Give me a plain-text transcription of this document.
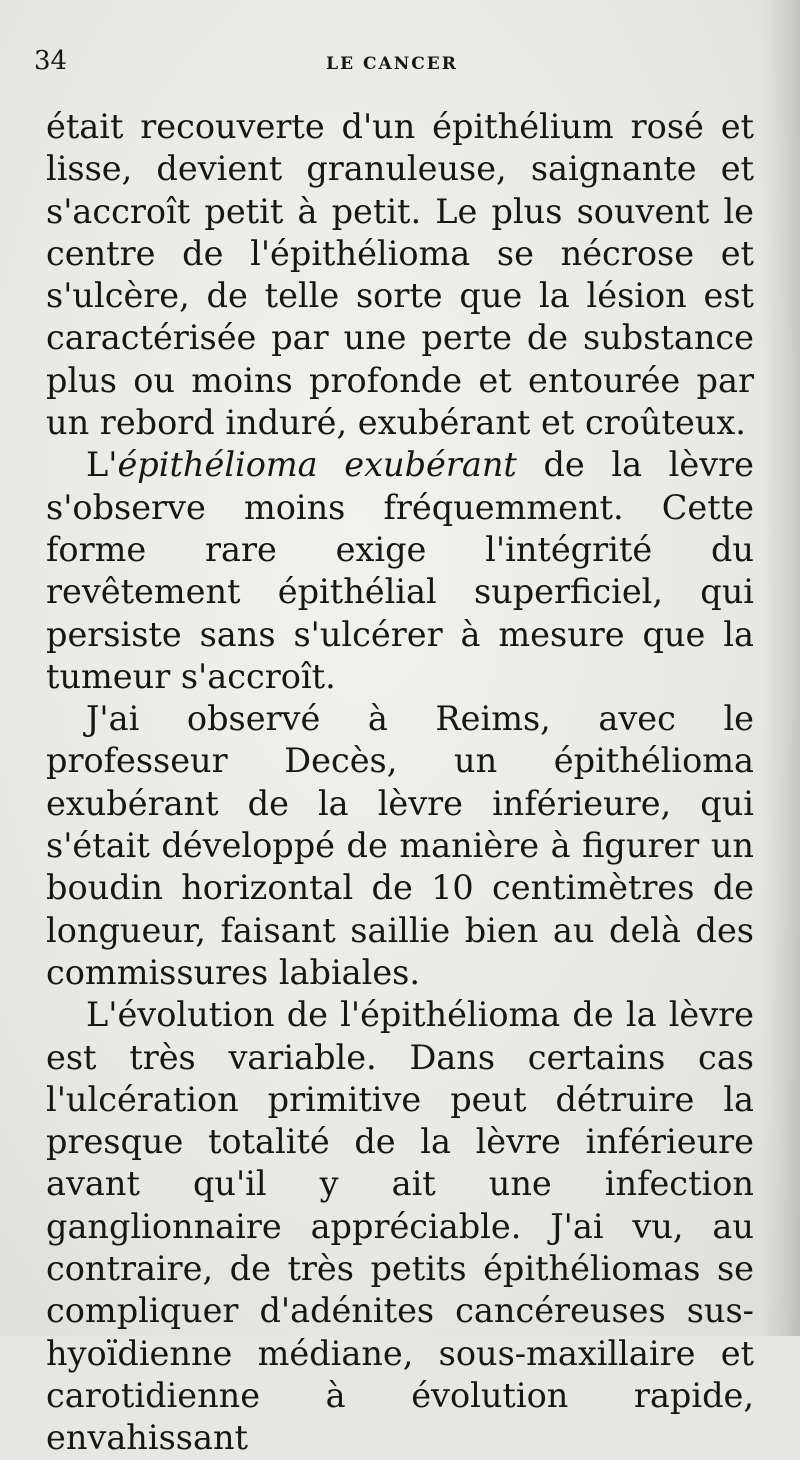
34	LE CANCER

était recouverte d'un épithélium rosé et lisse, devient granuleuse, saignante et s'accroît petit à petit. Le plus souvent le centre de l'épithélioma se nécrose et s'ulcère, de telle sorte que la lésion est caractérisée par une perte de substance plus ou moins profonde et entourée par un rebord induré, exubérant et croûteux.

L'épithélioma exubérant de la lèvre s'observe moins fréquemment. Cette forme rare exige l'intégrité du revêtement épithélial superficiel, qui persiste sans s'ulcérer à mesure que la tumeur s'accroît.

J'ai observé à Reims, avec le professeur Decès, un épithélioma exubérant de la lèvre inférieure, qui s'était développé de manière à figurer un boudin horizontal de 10 centimètres de longueur, faisant saillie bien au delà des commissures labiales.

L'évolution de l'épithélioma de la lèvre est très variable. Dans certains cas l'ulcération primitive peut détruire la presque totalité de la lèvre inférieure avant qu'il y ait une infection ganglionnaire appréciable. J'ai vu, au contraire, de très petits épithéliomas se compliquer d'adénites cancéreuses sus-hyoïdienne médiane, sous-maxillaire et carotidienne à évolution rapide, envahissant
